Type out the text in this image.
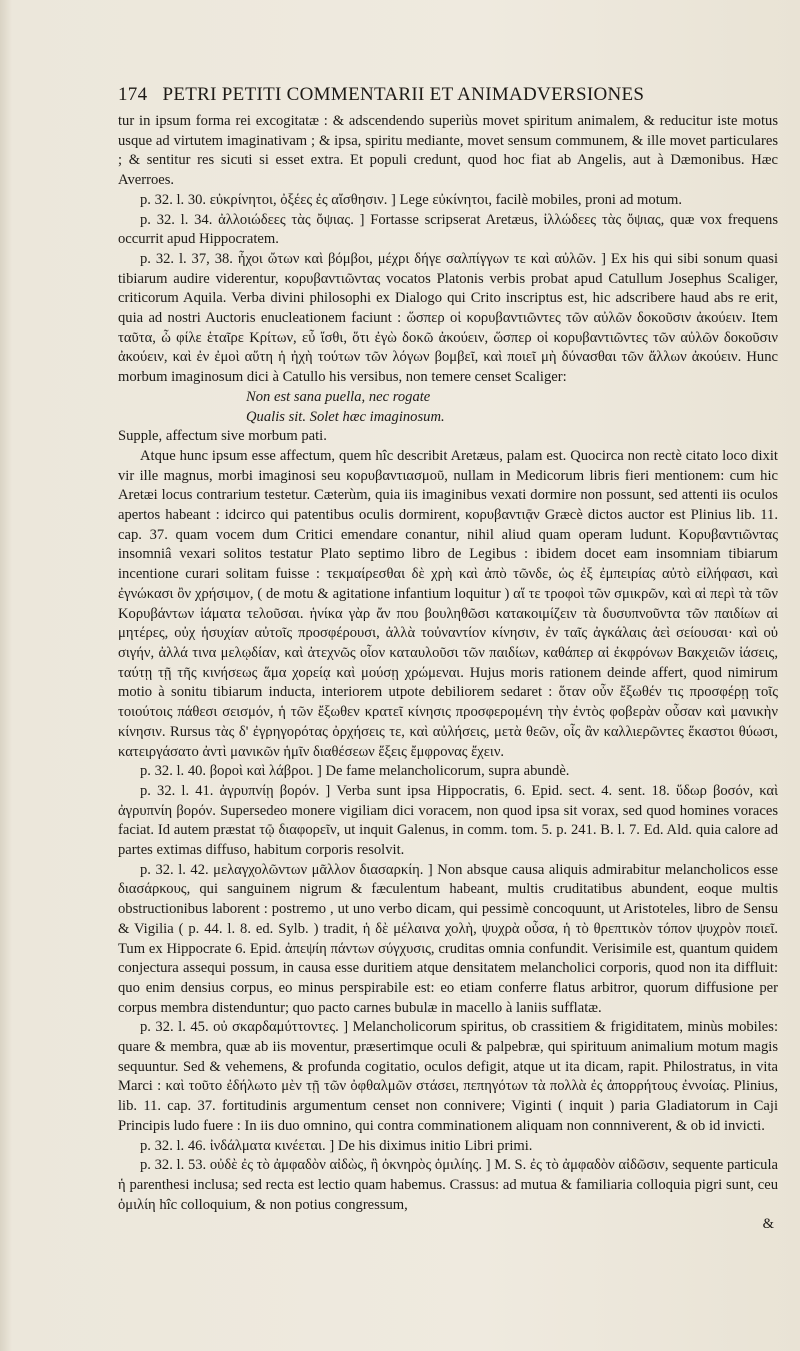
174 PETRI PETITI COMMENTARII ET ANIMADVERSIONES

tur in ipsum forma rei excogitatæ : & adscendendo superiùs movet spiritum animalem, & reducitur iste motus usque ad virtutem imaginativam ; & ipsa, spiritu mediante, movet sensum communem, & ille movet particulares ; & sentitur res sicuti si esset extra. Et populi credunt, quod hoc fiat ab Angelis, aut à Dæmonibus. Hæc Averroes.

p. 32. l. 30. εὐκρίνητοι, ὀξέες ἐς αἴσθησιν. ] Lege εὐκίνητοι, facilè mobiles, proni ad motum.

p. 32. l. 34. ἀλλοιώδεες τὰς ὄψιας. ] Fortasse scripserat Aretæus, ἰλλώδεες τὰς ὄψιας, quæ vox frequens occurrit apud Hippocratem.

p. 32. l. 37, 38. ἦχοι ὤτων καὶ βόμβοι, μέχρι δήγε σαλπίγγων τε καὶ αὐλῶν. ] Ex his qui sibi sonum quasi tibiarum audire viderentur, κορυβαντιῶντας vocatos Platonis verbis probat apud Catullum Josephus Scaliger, criticorum Aquila. Verba divini philosophi ex Dialogo qui Crito inscriptus est, hic adscribere haud abs re erit, quia ad nostri Auctoris enucleationem faciunt : ὥσπερ οἱ κορυβαντιῶντες τῶν αὐλῶν δοκοῦσιν ἀκούειν. Item ταῦτα, ὦ φίλε ἑταῖρε Κρίτων, εὖ ἴσθι, ὅτι ἐγὼ δοκῶ ἀκούειν, ὥσπερ οἱ κορυβαντιῶντες τῶν αὐλῶν δοκοῦσιν ἀκούειν, καὶ ἐν ἐμοὶ αὕτη ἡ ἠχὴ τούτων τῶν λόγων βομβεῖ, καὶ ποιεῖ μὴ δύνασθαι τῶν ἄλλων ἀκούειν. Hunc morbum imaginosum dici à Catullo his versibus, non temere censet Scaliger:

Non est sana puella, nec rogate

Qualis sit. Solet hæc imaginosum.

Supple, affectum sive morbum pati.

Atque hunc ipsum esse affectum, quem hîc describit Aretæus, palam est. Quocirca non rectè citato loco dixit vir ille magnus, morbi imaginosi seu κορυβαντιασμοῦ, nullam in Medicorum libris fieri mentionem: cum hic Aretæi locus contrarium testetur. Cæterùm, quia iis imaginibus vexati dormire non possunt, sed attenti iis oculos apertos habeant : idcirco qui patentibus oculis dormirent, κορυβαντιᾷν Græcè dictos auctor est Plinius lib. 11. cap. 37. quam vocem dum Critici emendare conantur, nihil aliud quam operam ludunt. Κορυβαντιῶντας insomniâ vexari solitos testatur Plato septimo libro de Legibus : ibidem docet eam insomniam tibiarum incentione curari solitam fuisse : τεκμαίρεσθαι δὲ χρὴ καὶ ἀπὸ τῶνδε, ὡς ἐξ ἐμπειρίας αὐτὸ εἰλήφασι, καὶ ἐγνώκασι ὂν χρήσιμον, ( de motu & agitatione infantium loquitur ) αἵ τε τροφοὶ τῶν σμικρῶν, καὶ αἱ περὶ τὰ τῶν Κορυβάντων ἰάματα τελοῦσαι. ἡνίκα γὰρ ἄν που βουληθῶσι κατακοιμίζειν τὰ δυσυπνοῦντα τῶν παιδίων αἱ μητέρες, οὐχ ἡσυχίαν αὐτοῖς προσφέρουσι, ἀλλὰ τοὐναντίον κίνησιν, ἐν ταῖς ἀγκάλαις ἀεὶ σείουσαι· καὶ οὐ σιγήν, ἀλλά τινα μελῳδίαν, καὶ ἀτεχνῶς οἷον καταυλοῦσι τῶν παιδίων, καθάπερ αἱ ἐκφρόνων Βακχειῶν ἰάσεις, ταύτῃ τῇ τῆς κινήσεως ἅμα χορείᾳ καὶ μούσῃ χρώμεναι. Hujus moris rationem deinde affert, quod nimirum motio à sonitu tibiarum inducta, interiorem utpote debiliorem sedaret : ὅταν οὖν ἔξωθέν τις προσφέρῃ τοῖς τοιούτοις πάθεσι σεισμόν, ἡ τῶν ἔξωθεν κρατεῖ κίνησις προσφερομένη τὴν ἐντὸς φοβερὰν οὖσαν καὶ μανικὴν κίνησιν. Rursus τὰς δ' ἐγρηγορότας ὀρχήσεις τε, καὶ αὐλήσεις, μετὰ θεῶν, οἷς ἂν καλλιερῶντες ἕκαστοι θύωσι, κατειργάσατο ἀντὶ μανικῶν ἡμῖν διαθέσεων ἕξεις ἔμφρονας ἔχειν.

p. 32. l. 40. βοροὶ καὶ λάβροι. ] De fame melancholicorum, supra abundè.

p. 32. l. 41. ἀγρυπνίῃ βορόν. ] Verba sunt ipsa Hippocratis, 6. Epid. sect. 4. sent. 18. ὕδωρ βοσόν, καὶ ἀγρυπνίη βορόν. Supersedeo monere vigiliam dici voracem, non quod ipsa sit vorax, sed quod homines voraces faciat. Id autem præstat τῷ διαφορεῖν, ut inquit Galenus, in comm. tom. 5. p. 241. B. l. 7. Ed. Ald. quia calore ad partes extimas diffuso, habitum corporis resolvit.

p. 32. l. 42. μελαγχολῶντων μᾶλλον διασαρκίη. ] Non absque causa aliquis admirabitur melancholicos esse διασάρκους, qui sanguinem nigrum & fæculentum habeant, multis cruditatibus abundent, eoque multis obstructionibus laborent : postremo , ut uno verbo dicam, qui pessimè concoquunt, ut Aristoteles, libro de Sensu & Vigilia ( p. 44. l. 8. ed. Sylb. ) tradit, ἡ δὲ μέλαινα χολὴ, ψυχρὰ οὖσα, ἡ τὸ θρεπτικὸν τόπον ψυχρὸν ποιεῖ. Tum ex Hippocrate 6. Epid. ἀπεψίη πάντων σύγχυσις, cruditas omnia confundit. Verisimile est, quantum quidem conjectura assequi possum, in causa esse duritiem atque densitatem melancholici corporis, quod non ita diffluit: quo enim densius corpus, eo minus perspirabile est: eo etiam conferre flatus arbitror, quorum diffusione per corpus membra distenduntur; quo pacto carnes bubulæ in macello à laniis sufflatæ.

p. 32. l. 45. οὐ σκαρδαμύττοντες. ] Melancholicorum spiritus, ob crassitiem & frigiditatem, minùs mobiles: quare & membra, quæ ab iis moventur, præsertimque oculi & palpebræ, qui spirituum animalium motum magis sequuntur. Sed & vehemens, & profunda cogitatio, oculos defigit, atque ut ita dicam, rapit. Philostratus, in vita Marci : καὶ τοῦτο ἐδήλωτο μὲν τῇ τῶν ὀφθαλμῶν στάσει, πεπηγότων τὰ πολλὰ ἐς ἀπορρήτους ἐννοίας. Plinius, lib. 11. cap. 37. fortitudinis argumentum censet non connivere; Viginti ( inquit ) paria Gladiatorum in Caji Principis ludo fuere : In iis duo omnino, qui contra comminationem aliquam non connniverent, & ob id invicti.

p. 32. l. 46. ἰνδάλματα κινέεται. ] De his diximus initio Libri primi.

p. 32. l. 53. οὐδὲ ἐς τὸ ἀμφαδὸν αἰδὼς, ἢ ὀκνηρὸς ὁμιλίης. ] M. S. ἐς τὸ ἀμφαδὸν αἰδῶσιν, sequente particula ἡ parenthesi inclusa; sed recta est lectio quam habemus. Crassus: ad mutua & familiaria colloquia pigri sunt, ceu ὁμιλίη hîc colloquium, & non potius congressum,

&
